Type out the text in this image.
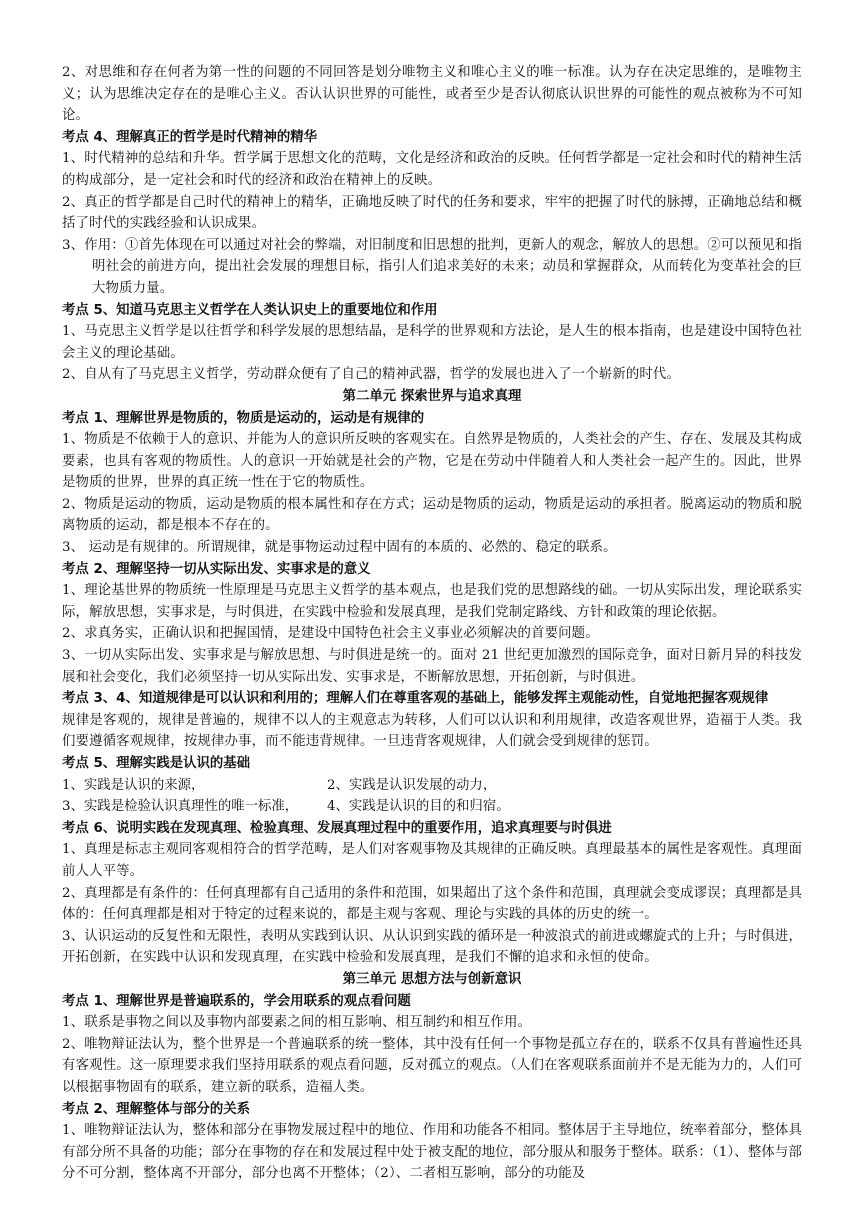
2、对思维和存在何者为第一性的问题的不同回答是划分唯物主义和唯心主义的唯一标准。认为存在决定思维的，是唯物主义；认为思维决定存在的是唯心主义。否认认识世界的可能性，或者至少是否认彻底认识世界的可能性的观点被称为不可知论。

考点 4、理解真正的哲学是时代精神的精华

1、时代精神的总结和升华。哲学属于思想文化的范畴，文化是经济和政治的反映。任何哲学都是一定社会和时代的精神生活的构成部分，是一定社会和时代的经济和政治在精神上的反映。

2、真正的哲学都是自己时代的精神上的精华，正确地反映了时代的任务和要求，牢牢的把握了时代的脉搏，正确地总结和概括了时代的实践经验和认识成果。

3、作用：①首先体现在可以通过对社会的弊端，对旧制度和旧思想的批判，更新人的观念，解放人的思想。②可以预见和指明社会的前进方向，提出社会发展的理想目标，指引人们追求美好的未来；动员和掌握群众，从而转化为变革社会的巨大物质力量。

考点 5、知道马克思主义哲学在人类认识史上的重要地位和作用

1、马克思主义哲学是以往哲学和科学发展的思想结晶，是科学的世界观和方法论，是人生的根本指南，也是建设中国特色社会主义的理论基础。

2、自从有了马克思主义哲学，劳动群众便有了自己的精神武器，哲学的发展也进入了一个崭新的时代。

第二单元 探索世界与追求真理

考点 1、理解世界是物质的，物质是运动的，运动是有规律的

1、物质是不依赖于人的意识、并能为人的意识所反映的客观实在。自然界是物质的，人类社会的产生、存在、发展及其构成要素，也具有客观的物质性。人的意识一开始就是社会的产物，它是在劳动中伴随着人和人类社会一起产生的。因此，世界是物质的世界，世界的真正统一性在于它的物质性。

2、物质是运动的物质，运动是物质的根本属性和存在方式；运动是物质的运动，物质是运动的承担者。脱离运动的物质和脱离物质的运动，都是根本不存在的。

3、 运动是有规律的。所谓规律，就是事物运动过程中固有的本质的、必然的、稳定的联系。

考点 2、理解坚持一切从实际出发、实事求是的意义

1、理论基世界的物质统一性原理是马克思主义哲学的基本观点，也是我们党的思想路线的础。一切从实际出发，理论联系实际，解放思想，实事求是，与时俱进，在实践中检验和发展真理，是我们党制定路线、方针和政策的理论依据。

2、求真务实，正确认识和把握国情，是建设中国特色社会主义事业必须解决的首要问题。

3、一切从实际出发、实事求是与解放思想、与时俱进是统一的。面对 21 世纪更加激烈的国际竞争，面对日新月异的科技发展和社会变化，我们必须坚持一切从实际出发、实事求是，不断解放思想，开拓创新，与时俱进。

考点 3、4、知道规律是可以认识和利用的；理解人们在尊重客观的基础上，能够发挥主观能动性，自觉地把握客观规律

规律是客观的，规律是普遍的，规律不以人的主观意志为转移，人们可以认识和利用规律，改造客观世界，造福于人类。我们要遵循客观规律，按规律办事，而不能违背规律。一旦违背客观规律，人们就会受到规律的惩罚。

考点 5、理解实践是认识的基础

1、实践是认识的来源，	2、实践是认识发展的动力，
3、实践是检验认识真理性的唯一标准，	4、实践是认识的目的和归宿。

考点 6、说明实践在发现真理、检验真理、发展真理过程中的重要作用，追求真理要与时俱进

1、真理是标志主观同客观相符合的哲学范畴，是人们对客观事物及其规律的正确反映。真理最基本的属性是客观性。真理面前人人平等。

2、真理都是有条件的：任何真理都有自己适用的条件和范围，如果超出了这个条件和范围，真理就会变成谬误；真理都是具体的：任何真理都是相对于特定的过程来说的，都是主观与客观、理论与实践的具体的历史的统一。

3、认识运动的反复性和无限性，表明从实践到认识、从认识到实践的循环是一种波浪式的前进或螺旋式的上升；与时俱进，开拓创新，在实践中认识和发现真理，在实践中检验和发展真理，是我们不懈的追求和永恒的使命。

第三单元 思想方法与创新意识

考点 1、理解世界是普遍联系的，学会用联系的观点看问题

1、联系是事物之间以及事物内部要素之间的相互影响、相互制约和相互作用。

2、唯物辩证法认为，整个世界是一个普遍联系的统一整体，其中没有任何一个事物是孤立存在的，联系不仅具有普遍性还具有客观性。这一原理要求我们坚持用联系的观点看问题，反对孤立的观点。（人们在客观联系面前并不是无能为力的，人们可以根据事物固有的联系，建立新的联系，造福人类。

考点 2、理解整体与部分的关系

1、唯物辩证法认为，整体和部分在事物发展过程中的地位、作用和功能各不相同。整体居于主导地位，统率着部分，整体具有部分所不具备的功能；部分在事物的存在和发展过程中处于被支配的地位，部分服从和服务于整体。联系：（1）、整体与部分不可分割，整体离不开部分，部分也离不开整体；（2）、二者相互影响，部分的功能及
